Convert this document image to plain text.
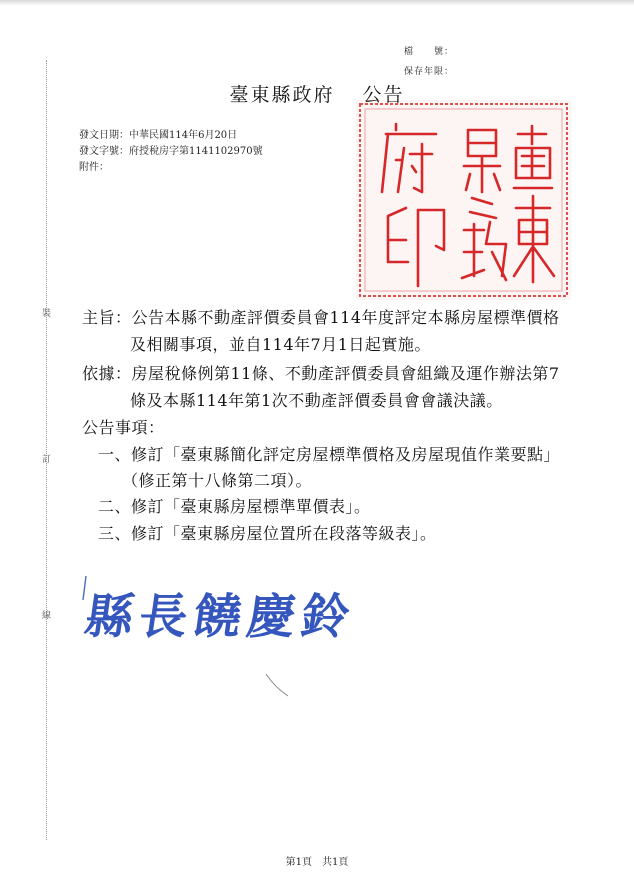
裝
訂
線
檔　　號：
保存年限：
臺東縣政府 公告
發文日期：中華民國114年6月20日
發文字號：府授稅房字第1141102970號
附件：
主旨：公告本縣不動產評價委員會114年度評定本縣房屋標準價格
及相關事項，並自114年7月1日起實施。
依據：房屋稅條例第11條、不動產評價委員會組織及運作辦法第7
條及本縣114年第1次不動產評價委員會會議決議。
公告事項：
一、修訂「臺東縣簡化評定房屋標準價格及房屋現值作業要點」
（修正第十八條第二項）。
二、修訂「臺東縣房屋標準單價表」。
三、修訂「臺東縣房屋位置所在段落等級表」。
縣長饒慶鈴
第1頁 共1頁
